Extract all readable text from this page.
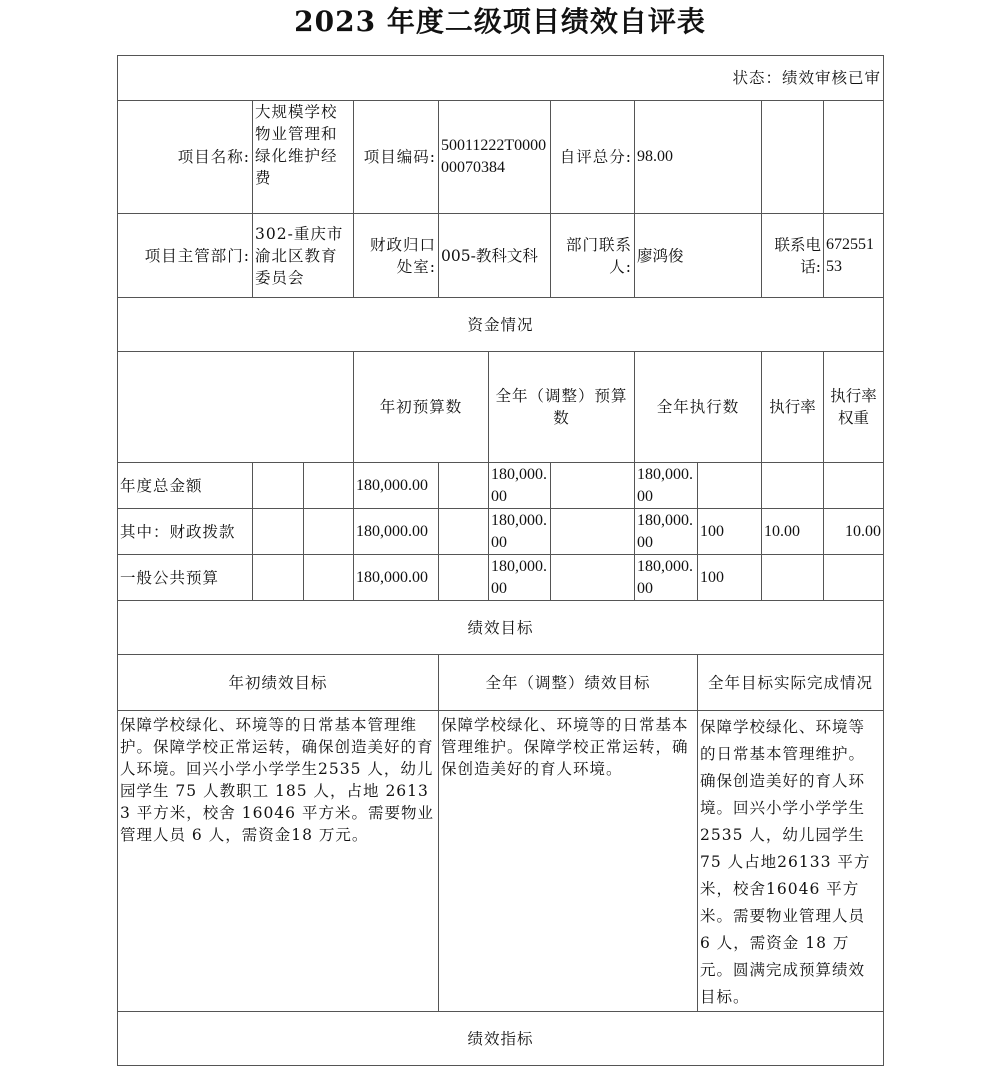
2023 年度二级项目绩效自评表
状态：绩效审核已审											
项目名称:	大规模学校物业管理和绿化维护经费		项目编码:	50011222T000000070384		自评总分:	98.00				
项目主管部门:	302-重庆市渝北区教育委员会		财政归口处室:	005-教科文科		部门联系人:	廖鸿俊		联系电话:	67255153	
资金情况											
			年初预算数		全年（调整）预算数		全年执行数		执行率	执行率权重	
年度总金额			180,000.00		180,000.00		180,000.00				
其中：财政拨款			180,000.00		180,000.00		180,000.00	100	10.00	10.00	
一般公共预算			180,000.00		180,000.00		180,000.00	100			
绩效目标											
年初绩效目标				全年（调整）绩效目标				全年目标实际完成情况			
保障学校绿化、环境等的日常基本管理维护。保障学校正常运转，确保创造美好的育人环境。回兴小学小学学生2535 人，幼儿园学生 75 人教职工 185 人，占地 26133 平方米，校舍 16046 平方米。需要物业管理人员 6 人，需资金18 万元。				保障学校绿化、环境等的日常基本管理维护。保障学校正常运转，确保创造美好的育人环境。				保障学校绿化、环境等的日常基本管理维护。确保创造美好的育人环境。回兴小学小学学生 2535 人，幼儿园学生 75 人占地26133 平方米，校舍16046 平方米。需要物业管理人员 6 人，需资金 18 万元。圆满完成预算绩效目标。			
绩效指标											
